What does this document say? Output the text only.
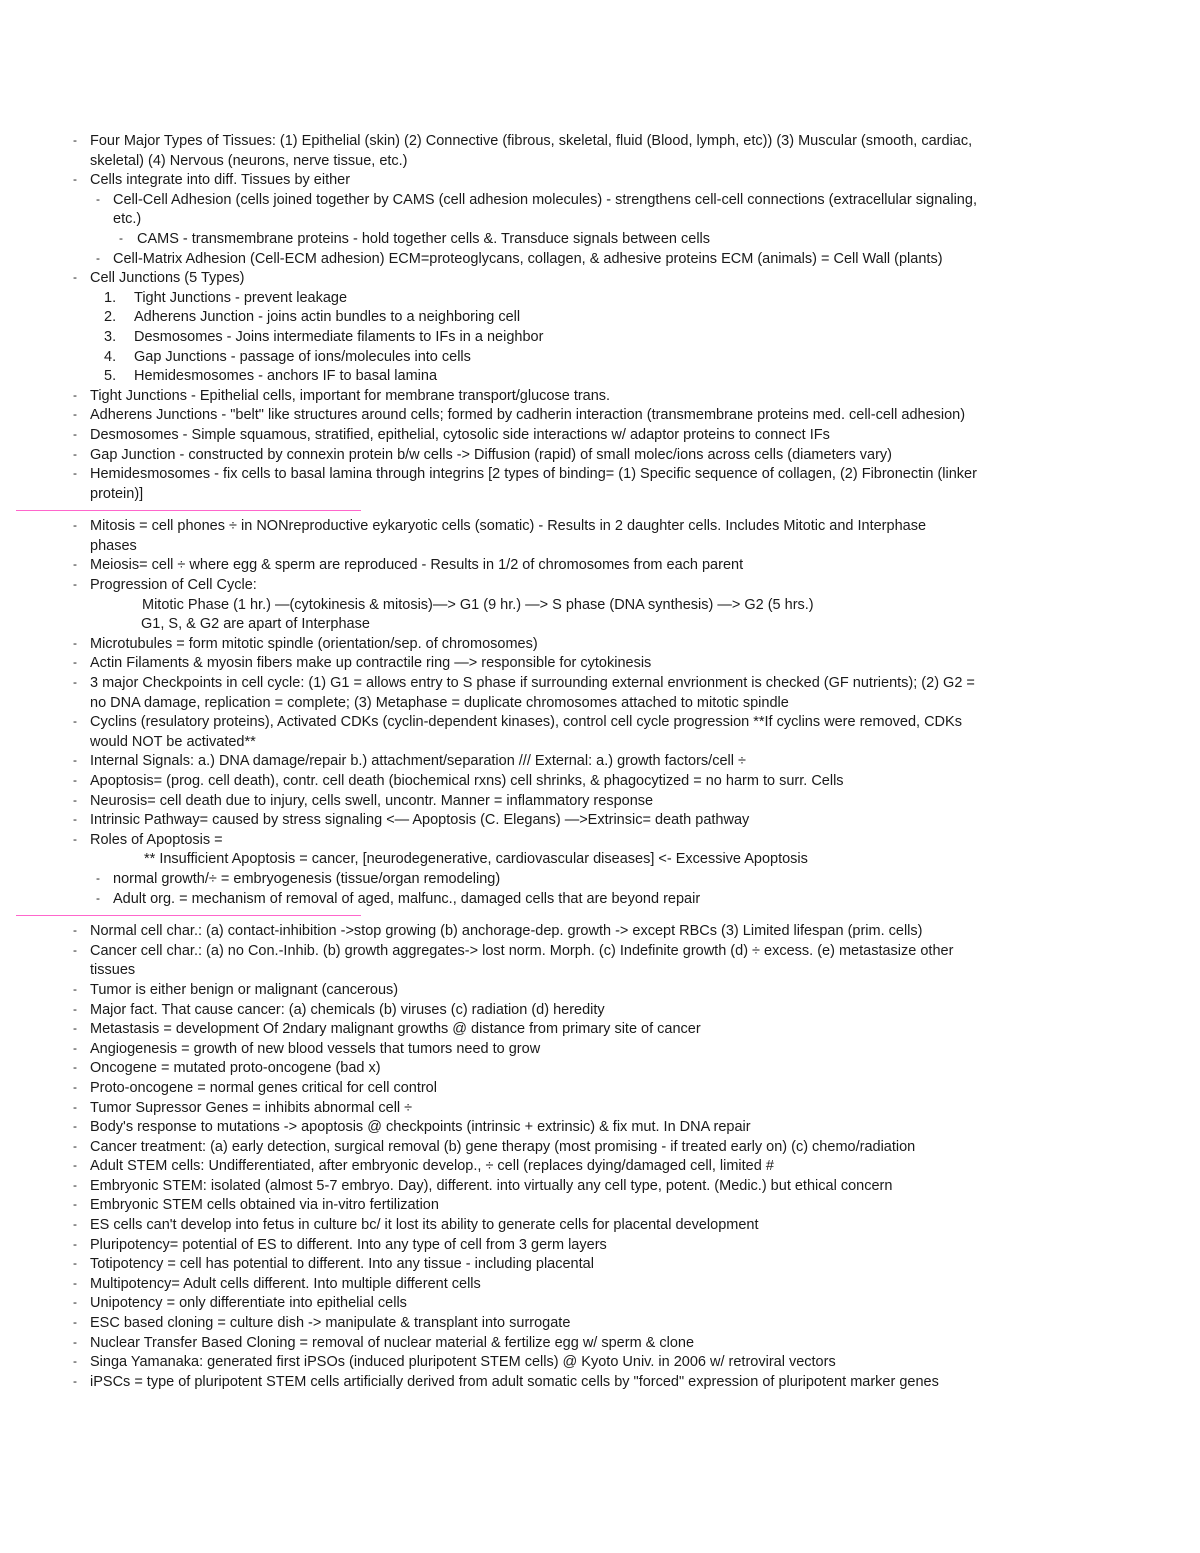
- Four Major Types of Tissues: (1) Epithelial (skin) (2) Connective (fibrous, skeletal, fluid (Blood, lymph, etc)) (3) Muscular (smooth, cardiac,
skeletal) (4) Nervous (neurons, nerve tissue, etc.)
- Cells integrate into diff. Tissues by either
- Cell-Cell Adhesion (cells joined together by CAMS (cell adhesion molecules) - strengthens cell-cell connections (extracellular signaling,
etc.)
- CAMS - transmembrane proteins - hold together cells &. Transduce signals between cells
- Cell-Matrix Adhesion (Cell-ECM adhesion) ECM=proteoglycans, collagen, & adhesive proteins ECM (animals) = Cell Wall (plants)
- Cell Junctions (5 Types)
1. Tight Junctions - prevent leakage
2. Adherens Junction - joins actin bundles to a neighboring cell
3. Desmosomes - Joins intermediate filaments to IFs in a neighbor
4. Gap Junctions - passage of ions/molecules into cells
5. Hemidesmosomes - anchors IF to basal lamina
- Tight Junctions - Epithelial cells, important for membrane transport/glucose trans.
- Adherens Junctions - "belt" like structures around cells; formed by cadherin interaction (transmembrane proteins med. cell-cell adhesion)
- Desmosomes - Simple squamous, stratified, epithelial, cytosolic side interactions w/ adaptor proteins to connect IFs
- Gap Junction - constructed by connexin protein b/w cells -> Diffusion (rapid) of small molec/ions across cells (diameters vary)
- Hemidesmosomes - fix cells to basal lamina through integrins [2 types of binding= (1) Specific sequence of collagen, (2) Fibronectin (linker
protein)]
- Mitosis = cell phones ÷ in NONreproductive eykaryotic cells (somatic) - Results in 2 daughter cells. Includes Mitotic and Interphase
phases
- Meiosis= cell ÷ where egg & sperm are reproduced - Results in 1/2 of chromosomes from each parent
- Progression of Cell Cycle:
Mitotic Phase (1 hr.) —(cytokinesis & mitosis)—> G1 (9 hr.) —> S phase (DNA synthesis) —> G2 (5 hrs.)
G1, S, & G2 are apart of Interphase
- Microtubules = form mitotic spindle (orientation/sep. of chromosomes)
- Actin Filaments & myosin fibers make up contractile ring —> responsible for cytokinesis
- 3 major Checkpoints in cell cycle: (1) G1 = allows entry to S phase if surrounding external envrionment is checked (GF nutrients); (2) G2 =
no DNA damage, replication = complete; (3) Metaphase = duplicate chromosomes attached to mitotic spindle
- Cyclins (resulatory proteins), Activated CDKs (cyclin-dependent kinases), control cell cycle progression **If cyclins were removed, CDKs
would NOT be activated**
- Internal Signals: a.) DNA damage/repair b.) attachment/separation /// External: a.) growth factors/cell ÷
- Apoptosis= (prog. cell death), contr. cell death (biochemical rxns) cell shrinks, & phagocytized = no harm to surr. Cells
- Neurosis= cell death due to injury, cells swell, uncontr. Manner = inflammatory response
- Intrinsic Pathway= caused by stress signaling <— Apoptosis (C. Elegans) —>Extrinsic= death pathway
- Roles of Apoptosis =
** Insufficient Apoptosis = cancer, [neurodegenerative, cardiovascular diseases] <- Excessive Apoptosis
- normal growth/÷ = embryogenesis (tissue/organ remodeling)
- Adult org. = mechanism of removal of aged, malfunc., damaged cells that are beyond repair
- Normal cell char.: (a) contact-inhibition ->stop growing (b) anchorage-dep. growth -> except RBCs (3) Limited lifespan (prim. cells)
- Cancer cell char.: (a) no Con.-Inhib. (b) growth aggregates-> lost norm. Morph. (c) Indefinite growth (d) ÷ excess. (e) metastasize other
tissues
- Tumor is either benign or malignant (cancerous)
- Major fact. That cause cancer: (a) chemicals (b) viruses (c) radiation (d) heredity
- Metastasis = development Of 2ndary malignant growths @ distance from primary site of cancer
- Angiogenesis = growth of new blood vessels that tumors need to grow
- Oncogene = mutated proto-oncogene (bad x)
- Proto-oncogene = normal genes critical for cell control
- Tumor Supressor Genes = inhibits abnormal cell ÷
- Body's response to mutations -> apoptosis @ checkpoints (intrinsic + extrinsic) & fix mut. In DNA repair
- Cancer treatment: (a) early detection, surgical removal (b) gene therapy (most promising - if treated early on) (c) chemo/radiation
- Adult STEM cells: Undifferentiated, after embryonic develop., ÷ cell (replaces dying/damaged cell, limited #
- Embryonic STEM: isolated (almost 5-7 embryo. Day), different. into virtually any cell type, potent. (Medic.) but ethical concern
- Embryonic STEM cells obtained via in-vitro fertilization
- ES cells can't develop into fetus in culture bc/ it lost its ability to generate cells for placental development
- Pluripotency= potential of ES to different. Into any type of cell from 3 germ layers
- Totipotency = cell has potential to different. Into any tissue - including placental
- Multipotency= Adult cells different. Into multiple different cells
- Unipotency = only differentiate into epithelial cells
- ESC based cloning = culture dish -> manipulate & transplant into surrogate
- Nuclear Transfer Based Cloning = removal of nuclear material & fertilize egg w/ sperm & clone
- Singa Yamanaka: generated first iPSOs (induced pluripotent STEM cells) @ Kyoto Univ. in 2006 w/ retroviral vectors
- iPSCs = type of pluripotent STEM cells artificially derived from adult somatic cells by "forced" expression of pluripotent marker genes
